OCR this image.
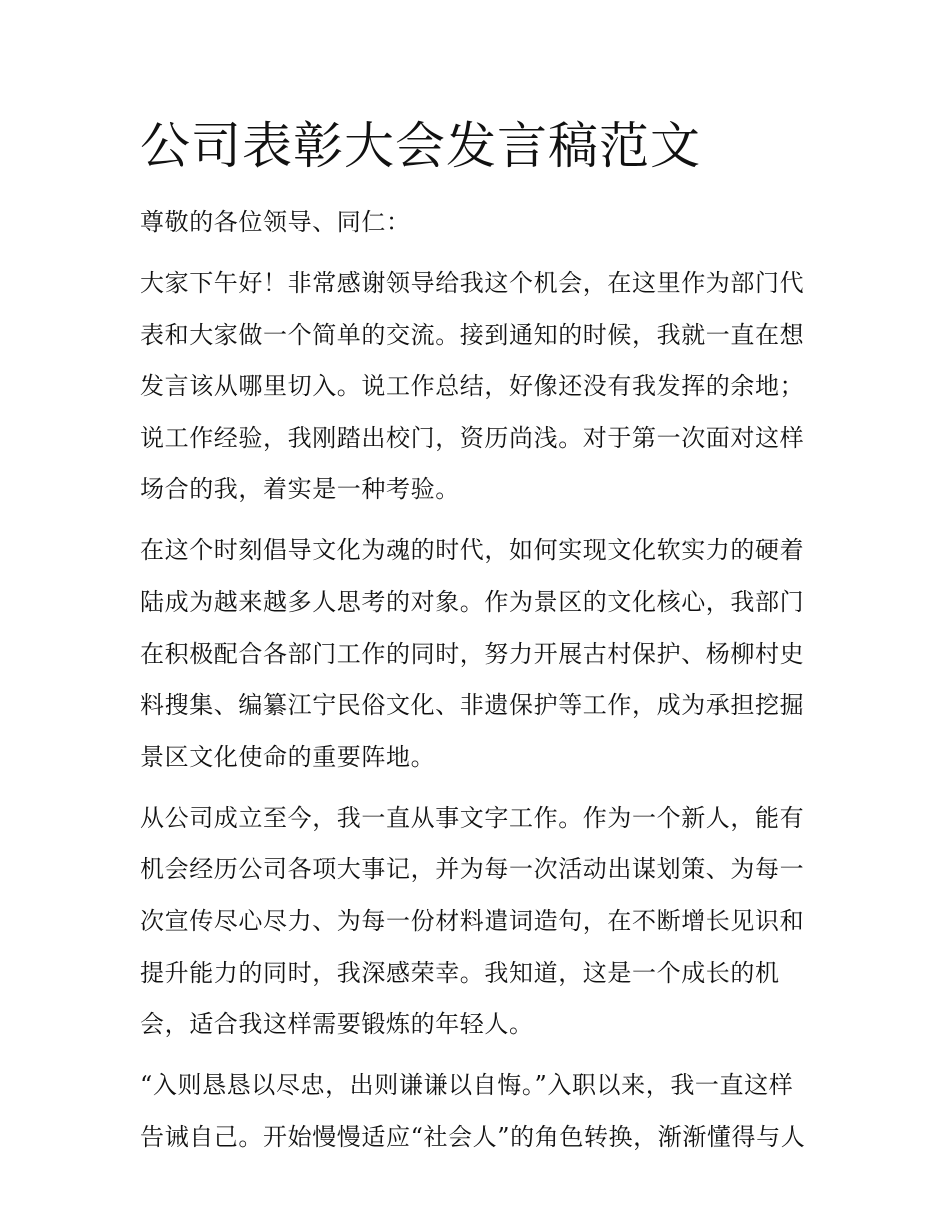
公司表彰大会发言稿范文
尊敬的各位领导、同仁：
大家下午好！非常感谢领导给我这个机会，在这里作为部门代
表和大家做一个简单的交流。接到通知的时候，我就一直在想
发言该从哪里切入。说工作总结，好像还没有我发挥的余地；
说工作经验，我刚踏出校门，资历尚浅。对于第一次面对这样
场合的我，着实是一种考验。
在这个时刻倡导文化为魂的时代，如何实现文化软实力的硬着
陆成为越来越多人思考的对象。作为景区的文化核心，我部门
在积极配合各部门工作的同时，努力开展古村保护、杨柳村史
料搜集、编纂江宁民俗文化、非遗保护等工作，成为承担挖掘
景区文化使命的重要阵地。
从公司成立至今，我一直从事文字工作。作为一个新人，能有
机会经历公司各项大事记，并为每一次活动出谋划策、为每一
次宣传尽心尽力、为每一份材料遣词造句，在不断增长见识和
提升能力的同时，我深感荣幸。我知道，这是一个成长的机
会，适合我这样需要锻炼的年轻人。
“入则恳恳以尽忠，出则谦谦以自悔。”入职以来，我一直这样
告诫自己。开始慢慢适应“社会人”的角色转换，渐渐懂得与人
